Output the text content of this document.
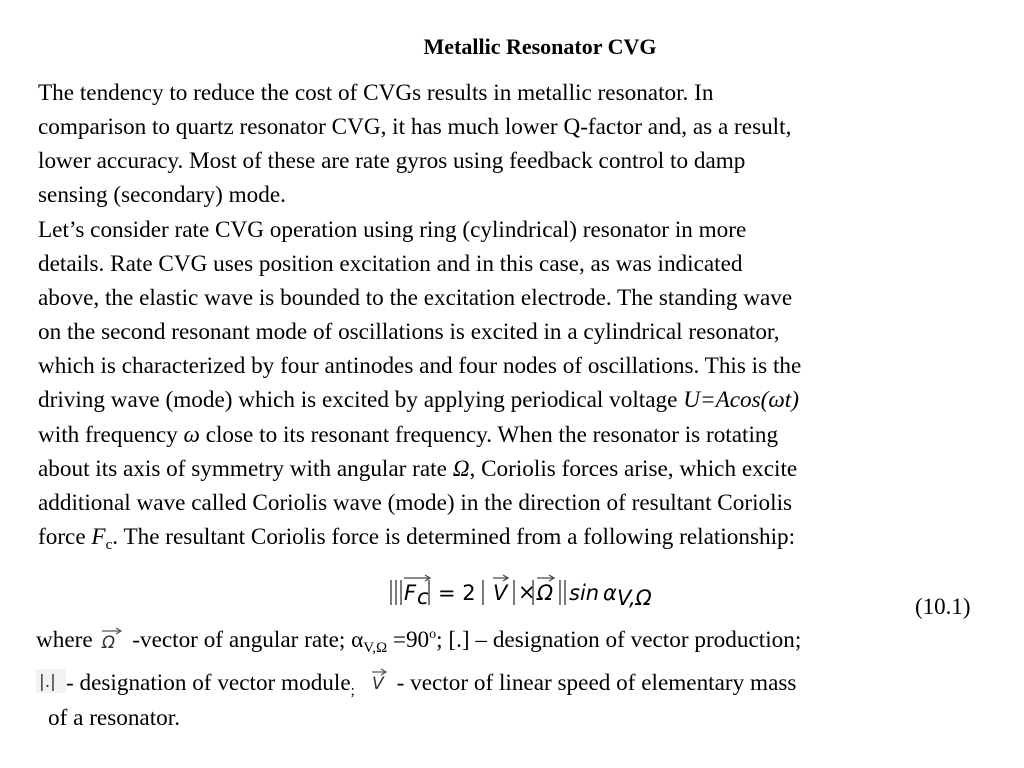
Metallic Resonator CVG
The tendency to reduce the cost of CVGs results in metallic resonator. In
comparison to quartz resonator CVG, it has much lower Q-factor and, as a result,
lower accuracy. Most of these are rate gyros using feedback control to damp
sensing (secondary) mode.
Let’s consider rate CVG operation using ring (cylindrical) resonator in more
details. Rate CVG uses position excitation and in this case, as was indicated
above, the elastic wave is bounded to the excitation electrode. The standing wave
on the second resonant mode of oscillations is excited in a cylindrical resonator,
which is characterized by four antinodes and four nodes of oscillations. This is the
driving wave (mode) which is excited by applying periodical voltage U=Acos(ωt)
with frequency ω close to its resonant frequency. When the resonator is rotating
about its axis of symmetry with angular rate Ω, Coriolis forces arise, which excite
additional wave called Coriolis wave (mode) in the direction of resultant Coriolis
force $F_c$. The resultant Coriolis force is determined from a following relationship:
F c = 2 V × Ω sin α V,Ω	(10.1)
where Ω -vector of angular rate; $\alpha_{V,\Omega} =90^o$; [.] – designation of vector production;
|.| - designation of vector module$_;$ V - vector of linear speed of elementary mass
of a resonator.
